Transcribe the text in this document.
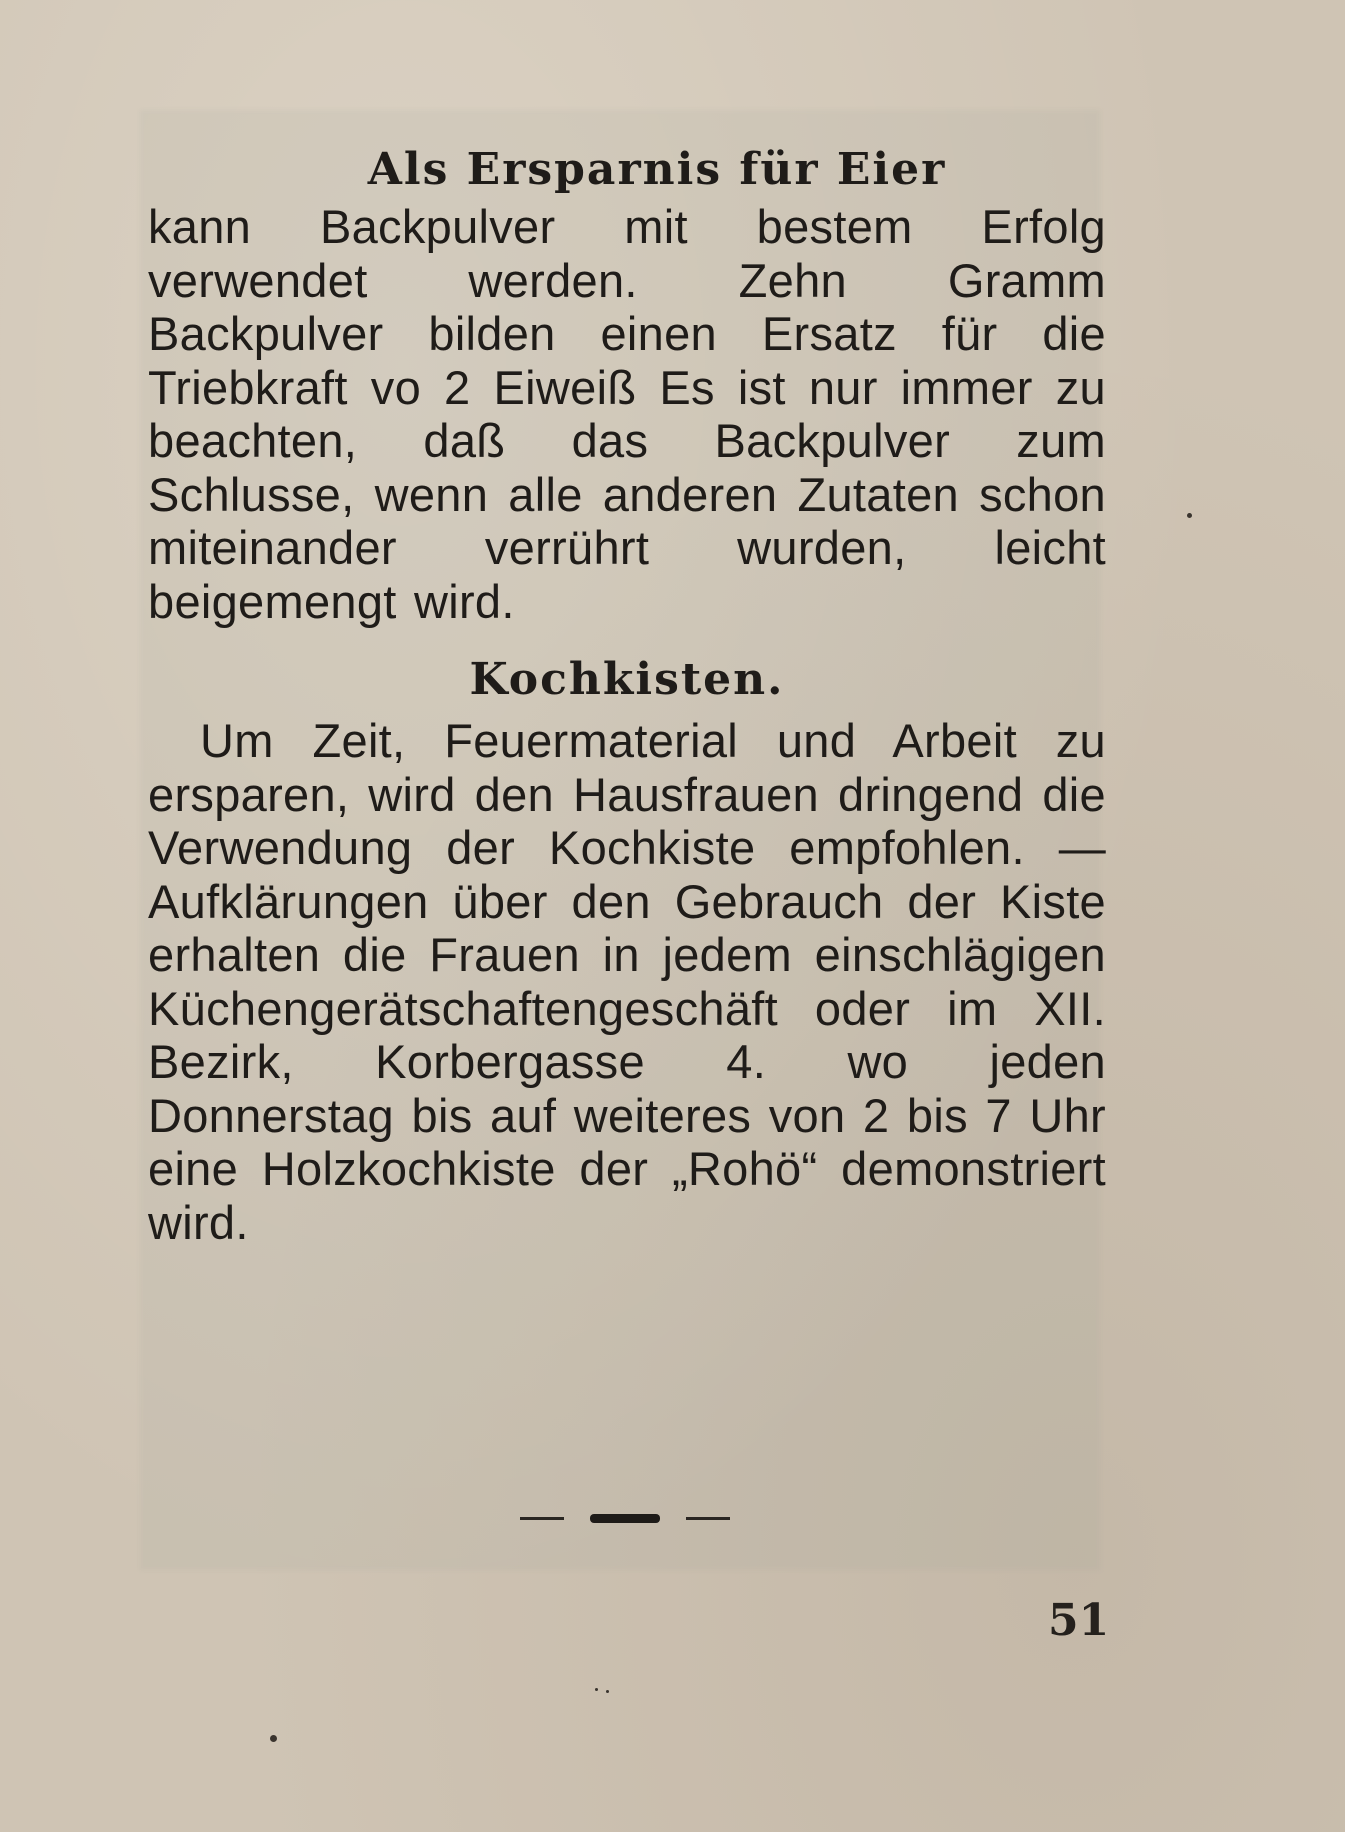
Als Ersparnis für Eier

kann Backpulver mit bestem Erfolg verwendet werden. Zehn Gramm Backpulver bilden einen Ersatz für die Triebkraft vo 2 Eiweiß Es ist nur immer zu beachten, daß das Backpulver zum Schlusse, wenn alle anderen Zutaten schon miteinander verrührt wurden, leicht beigemengt wird.

Kochkisten.

Um Zeit, Feuermaterial und Arbeit zu ersparen, wird den Hausfrauen dringend die Verwendung der Kochkiste empfohlen. — Aufklärungen über den Gebrauch der Kiste erhalten die Frauen in jedem einschlägigen Küchengerätschaftengeschäft oder im XII. Bezirk, Korbergasse 4. wo jeden Donnerstag bis auf weiteres von 2 bis 7 Uhr eine Holzkochkiste der „Rohö“ demonstriert wird.

51
